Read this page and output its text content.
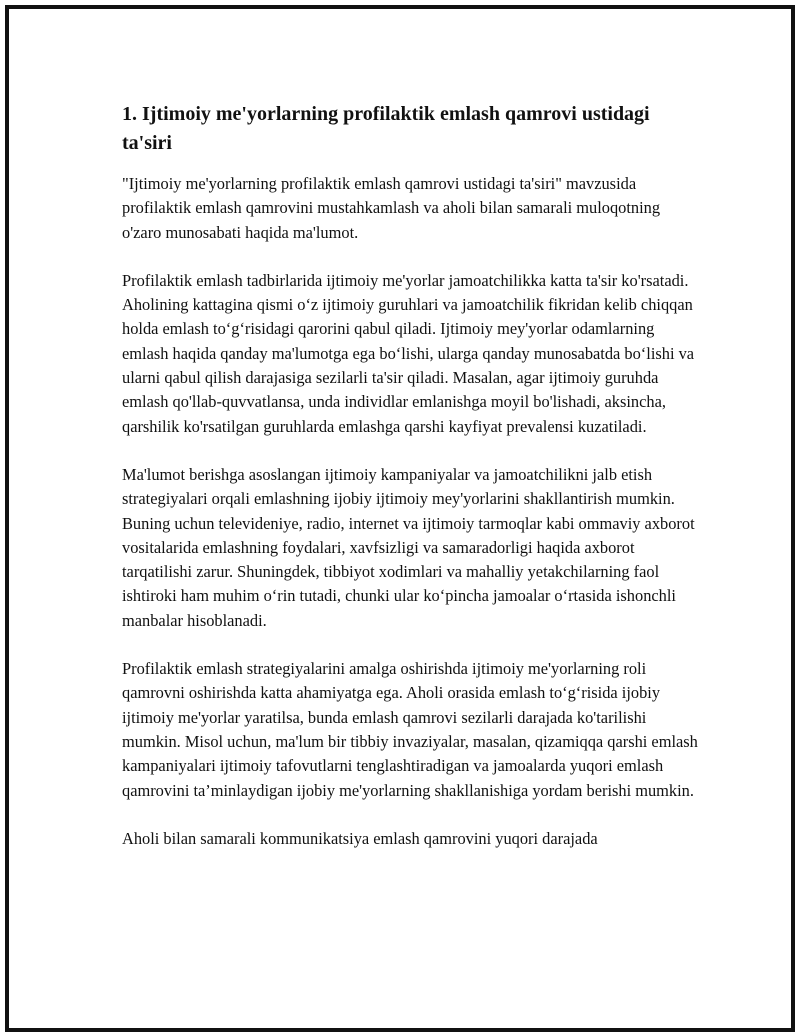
1. Ijtimoiy me'yorlarning profilaktik emlash qamrovi ustidagi ta'siri

"Ijtimoiy me'yorlarning profilaktik emlash qamrovi ustidagi ta'siri" mavzusida profilaktik emlash qamrovini mustahkamlash va aholi bilan samarali muloqotning o'zaro munosabati haqida ma'lumot.

Profilaktik emlash tadbirlarida ijtimoiy me'yorlar jamoatchilikka katta ta'sir ko'rsatadi. Aholining kattagina qismi o‘z ijtimoiy guruhlari va jamoatchilik fikridan kelib chiqqan holda emlash to‘g‘risidagi qarorini qabul qiladi. Ijtimoiy mey'yorlar odamlarning emlash haqida qanday ma'lumotga ega bo‘lishi, ularga qanday munosabatda bo‘lishi va ularni qabul qilish darajasiga sezilarli ta'sir qiladi. Masalan, agar ijtimoiy guruhda emlash qo'llab-quvvatlansa, unda individlar emlanishga moyil bo'lishadi, aksincha, qarshilik ko'rsatilgan guruhlarda emlashga qarshi kayfiyat prevalensi kuzatiladi.

Ma'lumot berishga asoslangan ijtimoiy kampaniyalar va jamoatchilikni jalb etish strategiyalari orqali emlashning ijobiy ijtimoiy mey'yorlarini shakllantirish mumkin. Buning uchun televideniye, radio, internet va ijtimoiy tarmoqlar kabi ommaviy axborot vositalarida emlashning foydalari, xavfsizligi va samaradorligi haqida axborot tarqatilishi zarur. Shuningdek, tibbiyot xodimlari va mahalliy yetakchilarning faol ishtiroki ham muhim o‘rin tutadi, chunki ular ko‘pincha jamoalar o‘rtasida ishonchli manbalar hisoblanadi.

Profilaktik emlash strategiyalarini amalga oshirishda ijtimoiy me'yorlarning roli qamrovni oshirishda katta ahamiyatga ega. Aholi orasida emlash to‘g‘risida ijobiy ijtimoiy me'yorlar yaratilsa, bunda emlash qamrovi sezilarli darajada ko'tarilishi mumkin. Misol uchun, ma'lum bir tibbiy invaziyalar, masalan, qizamiqqa qarshi emlash kampaniyalari ijtimoiy tafovutlarni tenglashtiradigan va jamoalarda yuqori emlash qamrovini ta’minlaydigan ijobiy me'yorlarning shakllanishiga yordam berishi mumkin.

Aholi bilan samarali kommunikatsiya emlash qamrovini yuqori darajada
